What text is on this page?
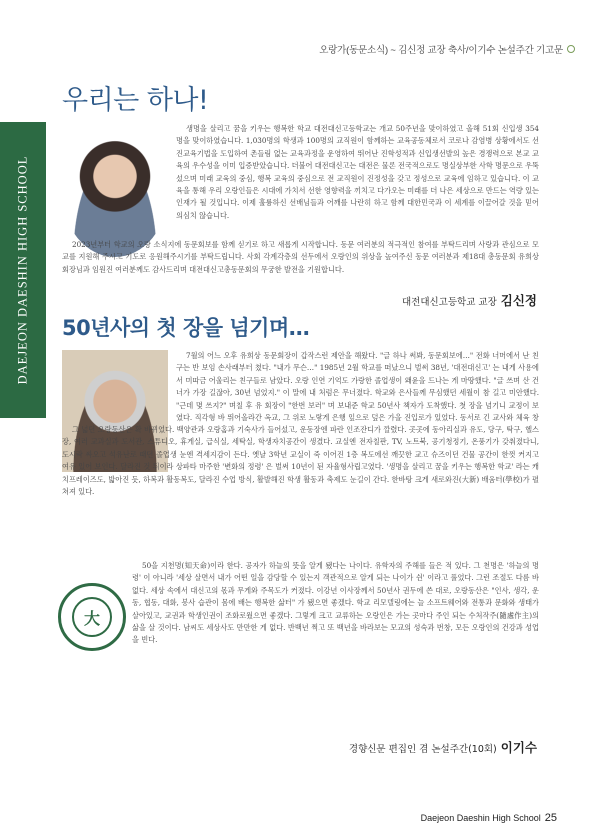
오랑가(동문소식) ~ 김신정 교장 축사/이기수 논설주간 기고문
DAEJEON DAESHIN HIGH SCHOOL
우리는 하나!

생명을 살리고 꿈을 키우는 행복한 학교 대전대신고등학교는 개교 50주년을 맞이하였고 올해 51회 신입생 354명을 맞이하였습니다. 1,030명의 학생과 100명의 교직원이 함께하는 교육공동체로서 코로나 감염병 상황에서도 선진교육기법을 도입하여 촌들림 없는 교육과정을 운영하여 뛰어난 진학성적과 신입생선발의 높은 경쟁력으로 본교 교육의 우수성을 이미 입증받았습니다. 더불어 대전대신고는 대전은 물론 전국적으로도 명실상부한 사학 명문으로 우뚝 섰으며 미래 교육의 중심, 행복 교육의 중심으로 전 교직원이 진정성을 갖고 정성으로 교육에 임하고 있습니다. 이 교육을 통해 우리 오랑인들은 시대에 가치서 선한 영향력을 끼치고 다가오는 미래를 더 나은 세상으로 만드는 역량 있는 인재가 될 것입니다. 이제 훌륭하신 선배님들과 어깨를 나란히 하고 함께 대한민국과 이 세계를 이끌어갈 것을 믿어 의심치 않습니다.

2023년부터 학교의 오랑 소식지에 동문회보를 함께 싣기로 하고 새롭게 시작합니다. 동문 여러분의 적극적인 참여를 부탁드리며 사랑과 관심으로 모교를 지원해 주시고 기도로 응원해주시기를 부탁드립니다. 사회 각계각층의 선두에서 오랑인의 위상을 높여주신 동문 여러분과 제18대 총동문회 유희상 회장님과 임원진 여러분께도 감사드리며 대전대신고총동문회의 무궁한 발전을 기원합니다.

대전대신고등학교 교장 김신정
50년사의 첫 장을 넘기며…

7월의 어느 오후 유희상 동문회장이 갑작스런 제안을 해왔다. "글 하나 써봐, 동문회보에…" 전화 너머에서 난 친구는 반 보임 손사래부터 쳤다. "내가 무슨…" 1985년 2월 학교를 떠났으니 벌써 38년, '대전대신고' 는 내게 사용에서 미따금 어울리는 친구들로 남았다. 오랑 인연 기억도 가랑한 졸업생이 왜윤을 드나는 게 마땅했다. "글 쓰며 산 건 너가 가장 길잖아, 30년 넘었지." 이 말에 내 처럼은 무너졌다. 학교와 은사들께 무심했던 세월이 참 길고 미안했다. "근데 몇 쓰지?" 며칠 후 유 회장이 "한번 보러" 며 보내준 학교 50년사 책자가 도착했다. 첫 장을 넘기니 교정이 보였다. 직각형 바 뛰어올라간 옥교, 그 위로 노랗게 은행 잎으로 덮은 가을 진입로가 있었다. 동서로 긴 교사와 체육 창

그 넓던 오랑동산은 확 바뀌었다. 백양관과 오랑홈과 기숙사가 들어섰고, 운동장엔 파란 인조잔디가 깔렸다. 곳곳에 동아리실과 유도, 당구, 탁구, 헬스장, 여러 교과실과 도서관, 스튜디오, 휴게실, 급식실, 세탁실, 학생자치공간이 생겼다. 교실엔 전자칠판, TV, 노트북, 공기청정기, 온풍기가 갖춰졌다니, 도시락 싸오고 석유난로 때던 졸업생 눈엔 격세지감이 든다. 옛날 3학년 교실이 죽 이어진 1층 복도에선 깨끗한 교고 슈즈이던 건물 공간이 한껏 커지고 여유 있어 보인다. 달라진 것 뒤이라 상파타 마주한 '변화의 정령' 은 벌써 10년이 된 자율형사립고였다. '생명을 살리고 꿈을 키우는 행복한 학교' 라는 캐치프레이즈도, 밟아진 듯, 하복과 활동복도, 달라진 수업 방식, 활발해진 학생 활동과 축제도 눈길이 간다. 한바탕 크게 새로와진(大新) 배움터(學校)가 펼쳐져 있다.

大

50을 지천명(知天命)이라 한다. 공자가 하늘의 뜻을 알게 됐다는 나이다. 유학자의 주해를 들은 적 있다. 그 천명은 '하늘의 명령' 이 아니라 '세상 살면서 내가 어떤 일을 감당할 수 있는지 객관적으로 알게 되는 나이가 쉰' 이라고 풀었다. 그런 조절도 다름 바 없다. 세상 속에서 대신고의 몫과 무게와 주목도가 커졌다. 이강년 이사장께서 50년사 권두에 쓴 대로, 오랑동산은 "인사, 생각, 운동, 협동, 대화, 봉사 습관이 몸에 배는 행복한 삶터" 가 됐으면 좋겠다. 학교 리모델링에는 늘 소프트웨어와 전통과 문화와 생태가 살아있고, 교권과 학생인권이 조화로웠으면 좋겠다. 그렇게 크고 교류하는 오랑인은 가는 곳마다 주인 되는 수처작주(隨處作主)의 삶을 살 것이다. 남씨도 세상사도 만만한 게 없다. 반백년 쩍고 또 백년을 바라보는 모교의 성숙과 번창, 모든 오랑인의 건강과 성업을 빈다.

경향신문 편집인 겸 논설주간(10회) 이기수
Daejeon Daeshin High School 25
